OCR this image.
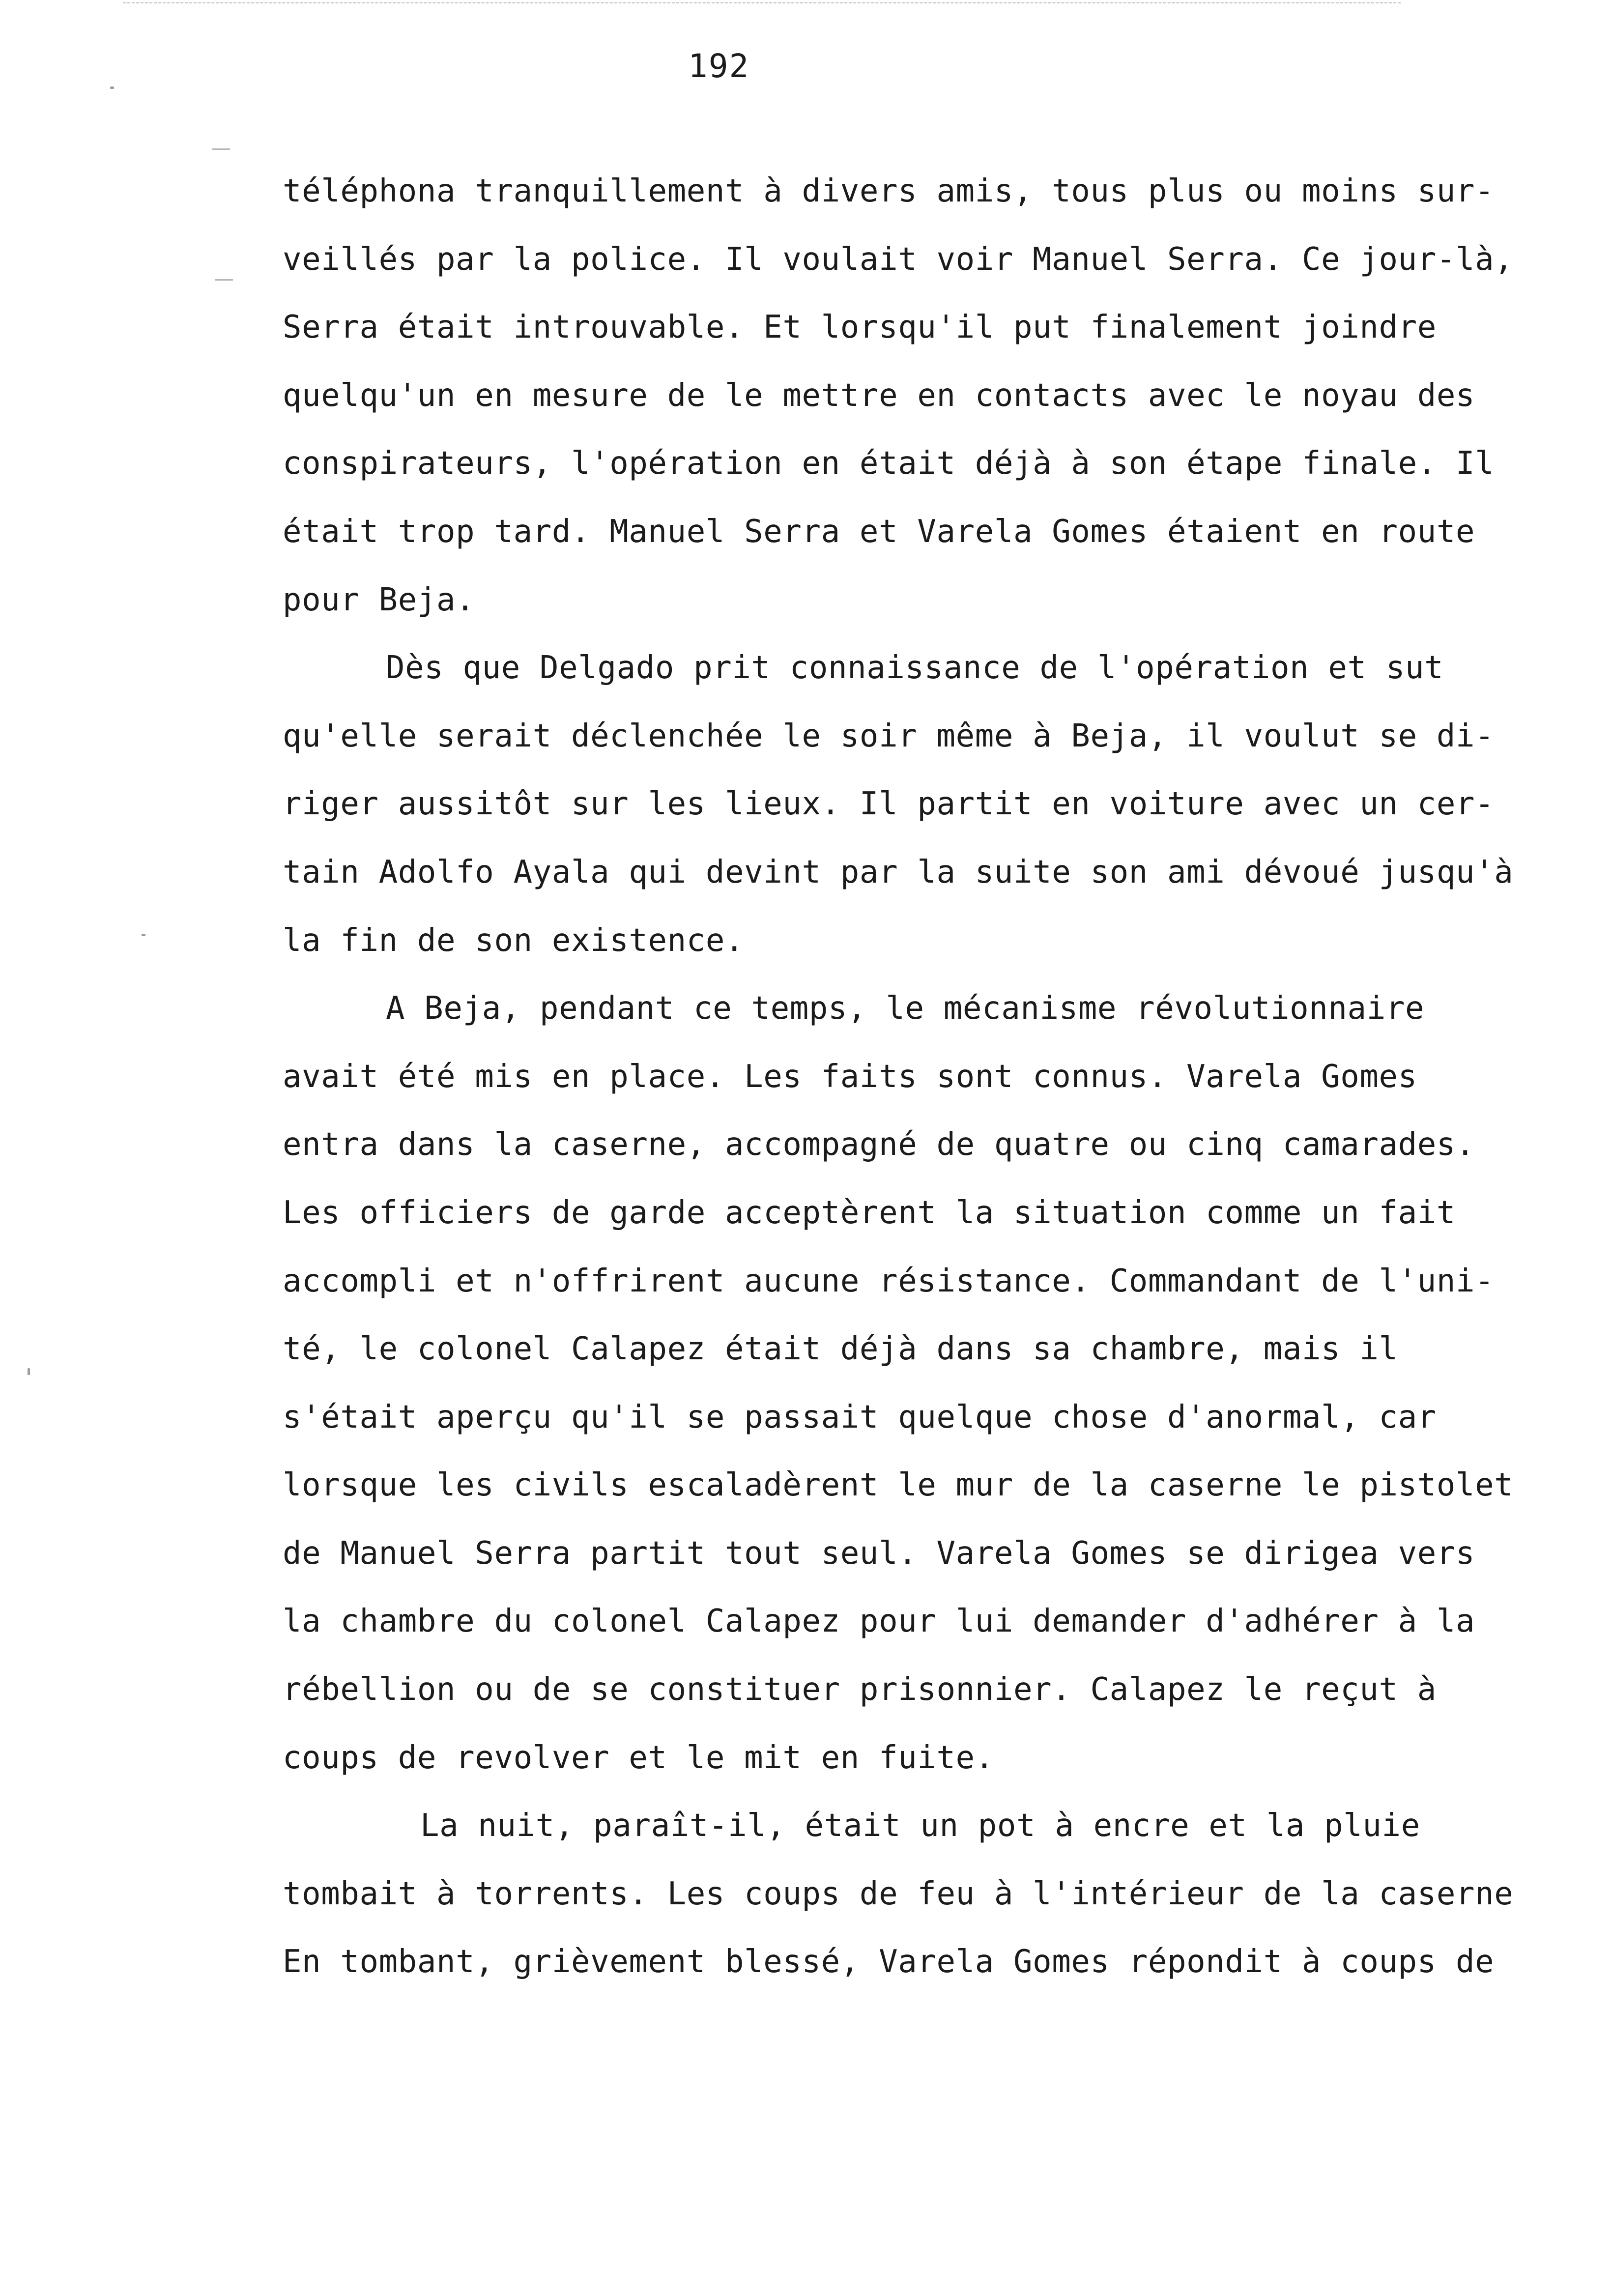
192
téléphona tranquillement à divers amis, tous plus ou moins sur-
veillés par la police. Il voulait voir Manuel Serra. Ce jour-là,
Serra était introuvable. Et lorsqu'il put finalement joindre
quelqu'un en mesure de le mettre en contacts avec le noyau des
conspirateurs, l'opération en était déjà à son étape finale. Il
était trop tard. Manuel Serra et Varela Gomes étaient en route
pour Beja.
Dès que Delgado prit connaissance de l'opération et sut
qu'elle serait déclenchée le soir même à Beja, il voulut se di-
riger aussitôt sur les lieux. Il partit en voiture avec un cer-
tain Adolfo Ayala qui devint par la suite son ami dévoué jusqu'à
la fin de son existence.
A Beja, pendant ce temps, le mécanisme révolutionnaire
avait été mis en place. Les faits sont connus. Varela Gomes
entra dans la caserne, accompagné de quatre ou cinq camarades.
Les officiers de garde acceptèrent la situation comme un fait
accompli et n'offrirent aucune résistance. Commandant de l'uni-
té, le colonel Calapez était déjà dans sa chambre, mais il
s'était aperçu qu'il se passait quelque chose d'anormal, car
lorsque les civils escaladèrent le mur de la caserne le pistolet
de Manuel Serra partit tout seul. Varela Gomes se dirigea vers
la chambre du colonel Calapez pour lui demander d'adhérer à la
rébellion ou de se constituer prisonnier. Calapez le reçut à
coups de revolver et le mit en fuite.
La nuit, paraît-il, était un pot à encre et la pluie
tombait à torrents. Les coups de feu à l'intérieur de la caserne
En tombant, grièvement blessé, Varela Gomes répondit à coups de
